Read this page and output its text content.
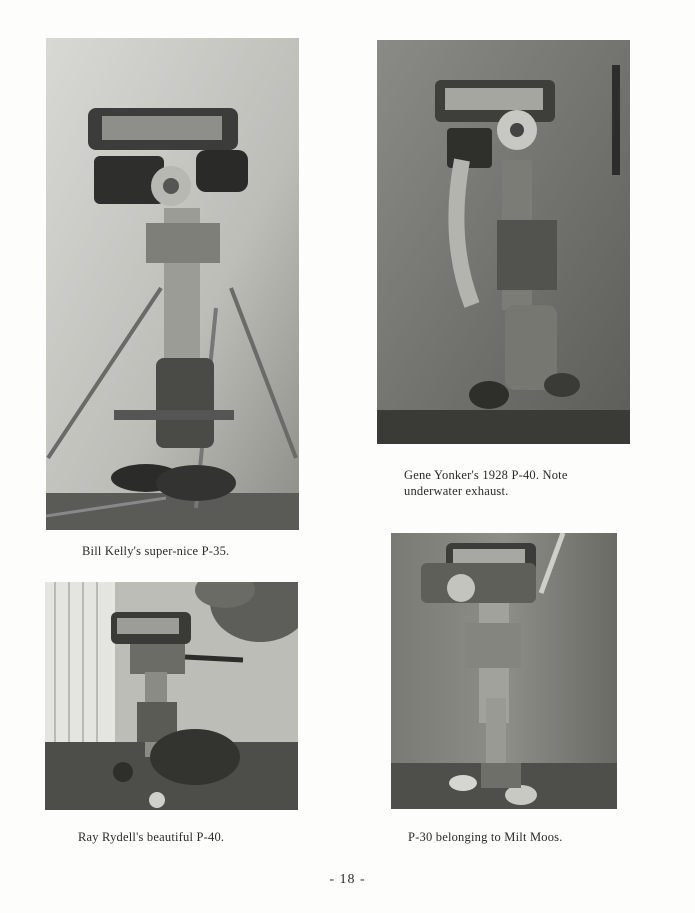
Bill Kelly's super-nice P-35.
Gene Yonker's 1928 P-40. Note
underwater exhaust.
Ray Rydell's beautiful P-40.	P-30 belonging to Milt Moos.
- 18 -
